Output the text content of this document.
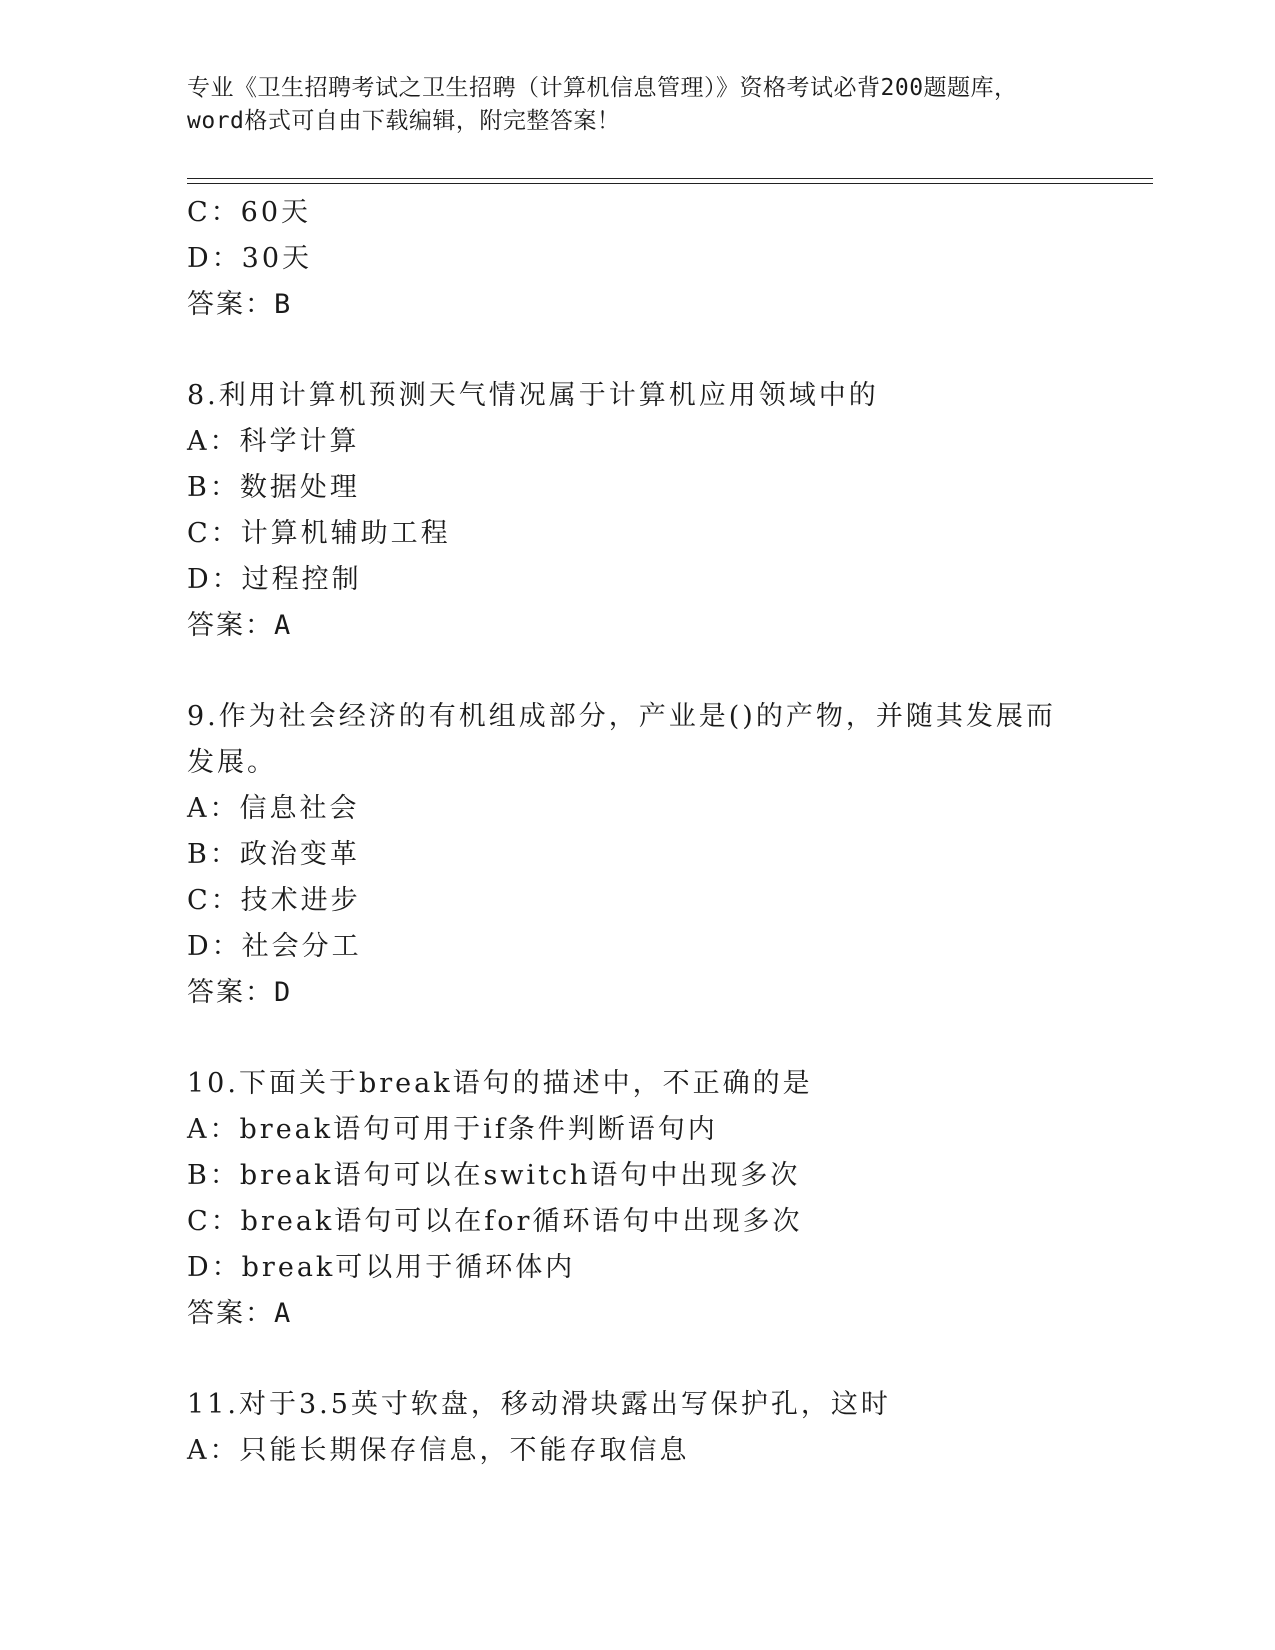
专业《卫生招聘考试之卫生招聘（计算机信息管理）》资格考试必背200题题库，
word格式可自由下载编辑，附完整答案！
C：60天
D：30天
答案：B
8.利用计算机预测天气情况属于计算机应用领域中的
A：科学计算
B：数据处理
C：计算机辅助工程
D：过程控制
答案：A
9.作为社会经济的有机组成部分，产业是()的产物，并随其发展而发展。
A：信息社会
B：政治变革
C：技术进步
D：社会分工
答案：D
10.下面关于break语句的描述中，不正确的是
A：break语句可用于if条件判断语句内
B：break语句可以在switch语句中出现多次
C：break语句可以在for循环语句中出现多次
D：break可以用于循环体内
答案：A
11.对于3.5英寸软盘，移动滑块露出写保护孔，这时
A：只能长期保存信息，不能存取信息
